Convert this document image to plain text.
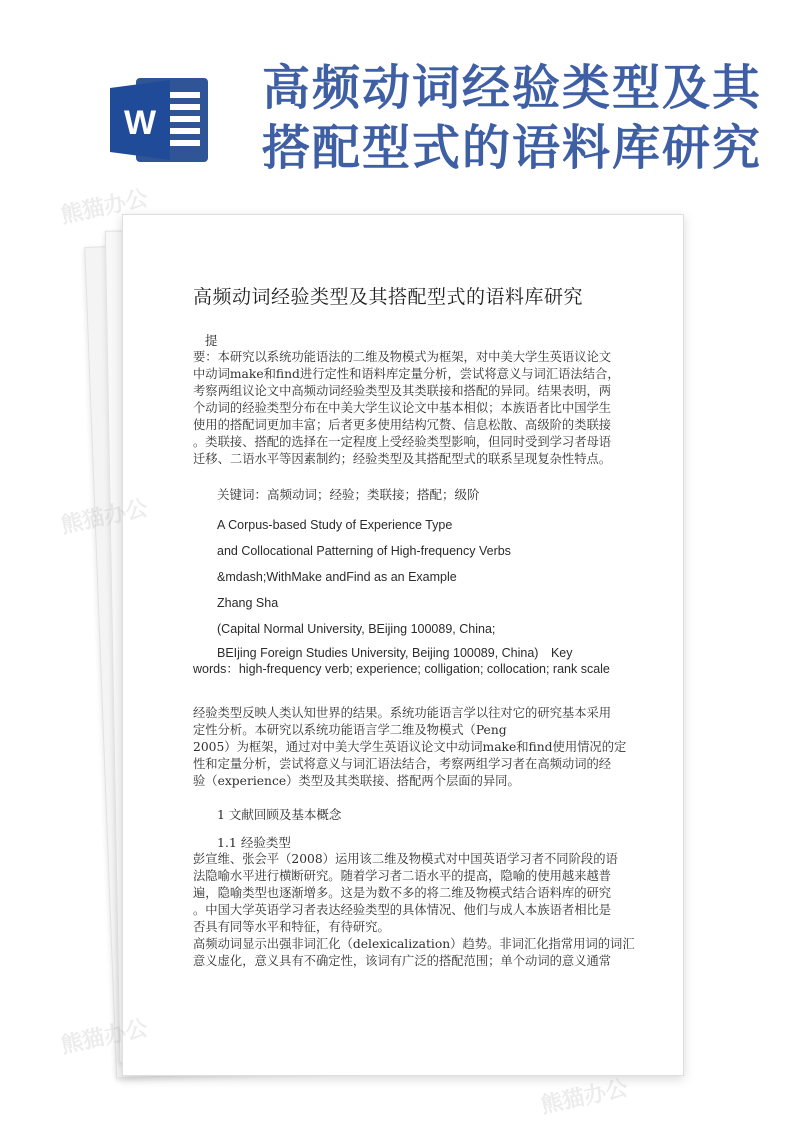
W
高频动词经验类型及其
搭配型式的语料库研究
高频动词经验类型及其搭配型式的语料库研究
提
要：本研究以系统功能语法的二维及物模式为框架，对中美大学生英语议论文
中动词make和find进行定性和语料库定量分析，尝试将意义与词汇语法结合，
考察两组议论文中高频动词经验类型及其类联接和搭配的异同。结果表明，两
个动词的经验类型分布在中美大学生议论文中基本相似；本族语者比中国学生
使用的搭配词更加丰富；后者更多使用结构冗赘、信息松散、高级阶的类联接
。类联接、搭配的选择在一定程度上受经验类型影响，但同时受到学习者母语
迁移、二语水平等因素制约；经验类型及其搭配型式的联系呈现复杂性特点。
关键词：高频动词；经验；类联接；搭配；级阶
A Corpus-based Study of Experience Type
and Collocational Patterning of High-frequency Verbs
&mdash;WithMake andFind as an Example
Zhang Sha
(Capital Normal University, BEijing 100089, China;
BEIjing Foreign Studies University, Beijing 100089, China)　Key
words：high-frequency verb; experience; colligation; collocation; rank scale
经验类型反映人类认知世界的结果。系统功能语言学以往对它的研究基本采用
定性分析。本研究以系统功能语言学二维及物模式（Peng
2005）为框架，通过对中美大学生英语议论文中动词make和find使用情况的定
性和定量分析，尝试将意义与词汇语法结合，考察两组学习者在高频动词的经
验（experience）类型及其类联接、搭配两个层面的异同。
1 文献回顾及基本概念
1.1 经验类型
彭宣维、张会平（2008）运用该二维及物模式对中国英语学习者不同阶段的语
法隐喻水平进行横断研究。随着学习者二语水平的提高，隐喻的使用越来越普
遍，隐喻类型也逐渐增多。这是为数不多的将二维及物模式结合语料库的研究
。中国大学英语学习者表达经验类型的具体情况、他们与成人本族语者相比是
否具有同等水平和特征，有待研究。
高频动词显示出强非词汇化（delexicalization）趋势。非词汇化指常用词的词汇
意义虚化，意义具有不确定性，该词有广泛的搭配范围；单个动词的意义通常
熊猫办公
熊猫办公
熊猫办公
